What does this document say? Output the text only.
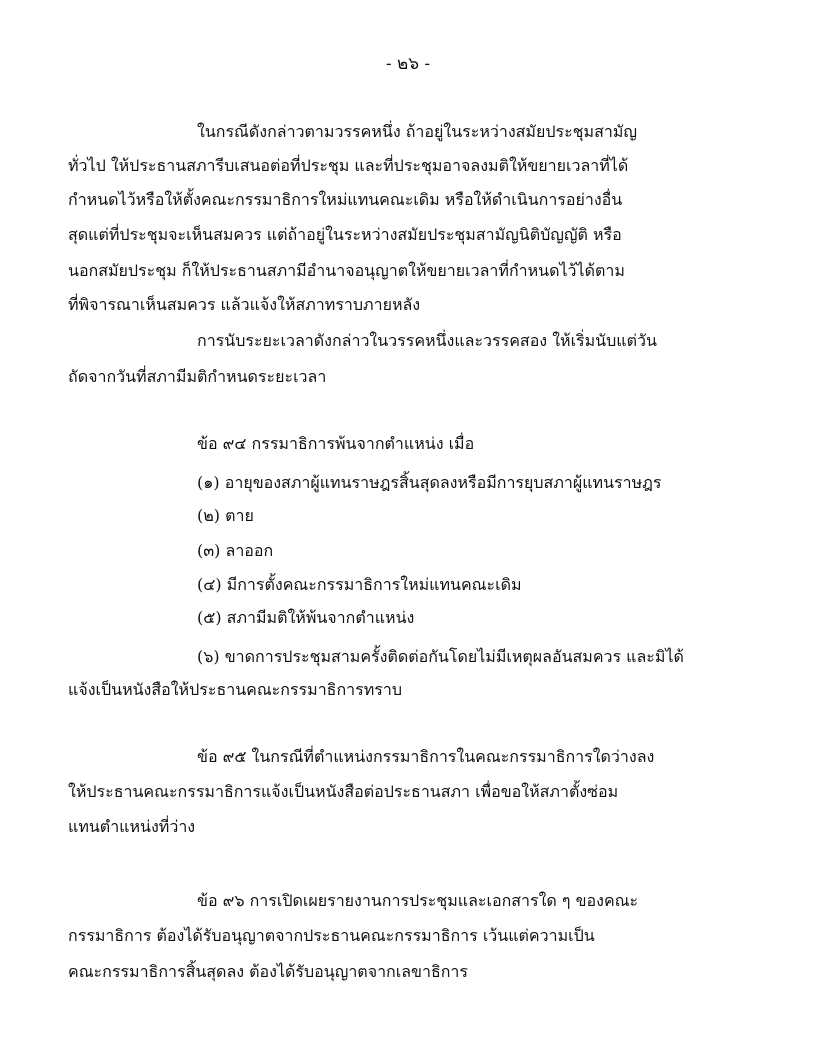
- ๒๖ -
ในกรณีดังกล่าวตามวรรคหนึ่ง ถ้าอยู่ในระหว่างสมัยประชุมสามัญ
ทั่วไป ให้ประธานสภารีบเสนอต่อที่ประชุม และที่ประชุมอาจลงมติให้ขยายเวลาที่ได้
กำหนดไว้หรือให้ตั้งคณะกรรมาธิการใหม่แทนคณะเดิม หรือให้ดำเนินการอย่างอื่น
สุดแต่ที่ประชุมจะเห็นสมควร แต่ถ้าอยู่ในระหว่างสมัยประชุมสามัญนิติบัญญัติ หรือ
นอกสมัยประชุม ก็ให้ประธานสภามีอำนาจอนุญาตให้ขยายเวลาที่กำหนดไว้ได้ตาม
ที่พิจารณาเห็นสมควร แล้วแจ้งให้สภาทราบภายหลัง
การนับระยะเวลาดังกล่าวในวรรคหนึ่งและวรรคสอง ให้เริ่มนับแต่วัน
ถัดจากวันที่สภามีมติกำหนดระยะเวลา
ข้อ ๙๔ กรรมาธิการพ้นจากตำแหน่ง เมื่อ
(๑) อายุของสภาผู้แทนราษฎรสิ้นสุดลงหรือมีการยุบสภาผู้แทนราษฎร
(๒) ตาย
(๓) ลาออก
(๔) มีการตั้งคณะกรรมาธิการใหม่แทนคณะเดิม
(๕) สภามีมติให้พ้นจากตำแหน่ง
(๖) ขาดการประชุมสามครั้งติดต่อกันโดยไม่มีเหตุผลอันสมควร และมิได้
แจ้งเป็นหนังสือให้ประธานคณะกรรมาธิการทราบ
ข้อ ๙๕ ในกรณีที่ตำแหน่งกรรมาธิการในคณะกรรมาธิการใดว่างลง
ให้ประธานคณะกรรมาธิการแจ้งเป็นหนังสือต่อประธานสภา เพื่อขอให้สภาตั้งซ่อม
แทนตำแหน่งที่ว่าง
ข้อ ๙๖ การเปิดเผยรายงานการประชุมและเอกสารใด ๆ ของคณะ
กรรมาธิการ ต้องได้รับอนุญาตจากประธานคณะกรรมาธิการ เว้นแต่ความเป็น
คณะกรรมาธิการสิ้นสุดลง ต้องได้รับอนุญาตจากเลขาธิการ
